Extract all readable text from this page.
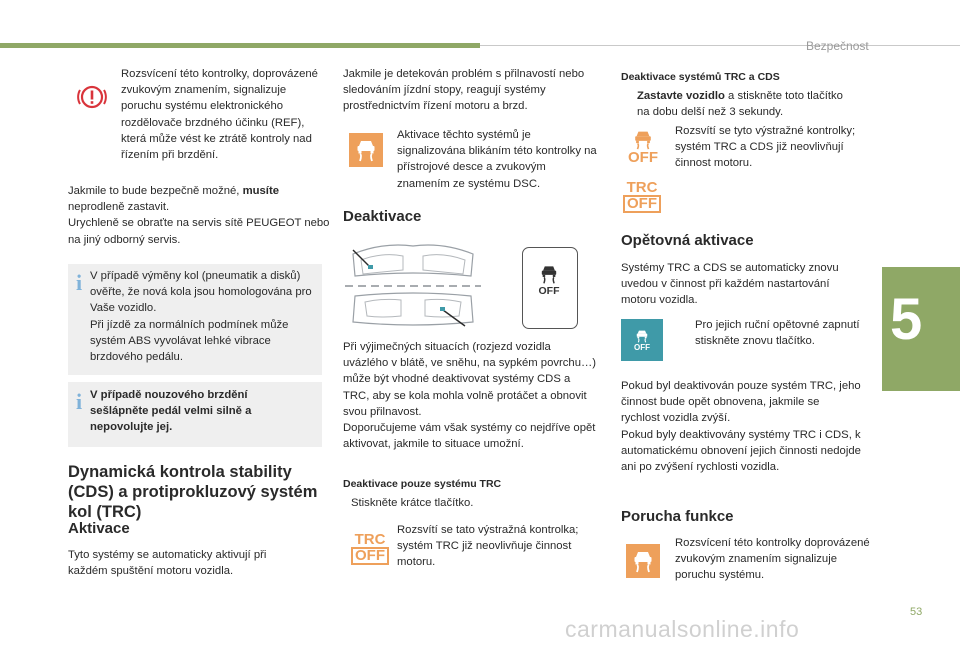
Bezpečnost
5

Rozsvícení této kontrolky, doprovázené zvukovým znamením, signalizuje poruchu systému elektronického rozdělovače brzdného účinku (REF), která může vést ke ztrátě kontroly nad řízením při brzdění.

Jakmile to bude bezpečně možné, musíte neprodleně zastavit.
Urychleně se obraťte na servis sítě PEUGEOT nebo na jiný odborný servis.
i V případě výměny kol (pneumatik a disků) ověřte, že nová kola jsou homologována pro Vaše vozidlo.

Při jízdě za normálních podmínek může systém ABS vyvolávat lehké vibrace brzdového pedálu.

i V případě nouzového brzdění sešlápněte pedál velmi silně a nepovolujte jej.

Dynamická kontrola stability (CDS) a protiprokluzový systém kol (TRC)
Aktivace

Tyto systémy se automaticky aktivují při každém spuštění motoru vozidla.

Jakmile je detekován problém s přilnavostí nebo sledováním jízdní stopy, reagují systémy prostřednictvím řízení motoru a brzd.

Aktivace těchto systémů je signalizována blikáním této kontrolky na přístrojové desce a zvukovým znamením ze systému DSC.

Deaktivace
OFF

Při výjimečných situacích (rozjezd vozidla uvázlého v blátě, ve sněhu, na sypkém povrchu…) může být vhodné deaktivovat systémy CDS a TRC, aby se kola mohla volně protáčet a obnovit svou přilnavost.

Doporučujeme vám však systémy co nejdříve opět aktivovat, jakmile to situace umožní.

Deaktivace pouze systému TRC
Stiskněte krátce tlačítko.
TRC
OFF

Rozsvítí se tato výstražná kontrolka; systém TRC již neovlivňuje činnost motoru.

Deaktivace systémů TRC a CDS
Zastavte vozidlo a stiskněte toto tlačítko na dobu delší než 3 sekundy.
OFF

Rozsvítí se tyto výstražné kontrolky; systém TRC a CDS již neovlivňují činnost motoru.

TRC
OFF
Opětovná aktivace

Systémy TRC a CDS se automaticky znovu uvedou v činnost při každém nastartování motoru vozidla.

OFF
Pro jejich ruční opětovné zapnutí stiskněte znovu tlačítko.

Pokud byl deaktivován pouze systém TRC, jeho činnost bude opět obnovena, jakmile se rychlost vozidla zvýší.

Pokud byly deaktivovány systémy TRC i CDS, k automatickému obnovení jejich činnosti nedojde ani po zvýšení rychlosti vozidla.

Porucha funkce

Rozsvícení této kontrolky doprovázené zvukovým znamením signalizuje poruchu systému.

53
carmanualsonline.info
